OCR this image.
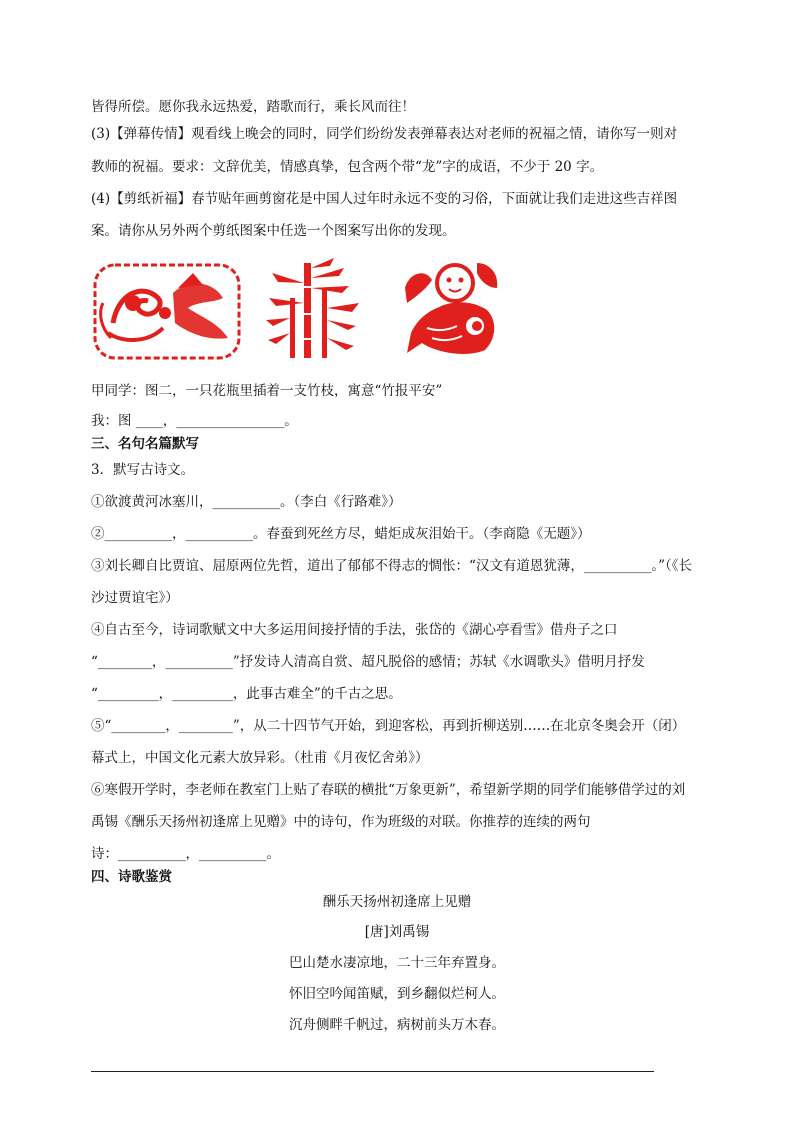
皆得所偿。愿你我永远热爱，踏歌而行，乘长风而往！
(3)【弹幕传情】观看线上晚会的同时，同学们纷纷发表弹幕表达对老师的祝福之情，请你写一则对
教师的祝福。要求：文辞优美，情感真挚，包含两个带“龙”字的成语，不少于 20 字。
(4)【剪纸祈福】春节贴年画剪窗花是中国人过年时永远不变的习俗，下面就让我们走进这些吉祥图
案。请你从另外两个剪纸图案中任选一个图案写出你的发现。
甲同学：图二，一只花瓶里插着一支竹枝，寓意“竹报平安”
我：图 ____，________________。
三、名句名篇默写
3．默写古诗文。
①欲渡黄河冰塞川，__________。（李白《行路难》）
②__________，__________。春蚕到死丝方尽，蜡炬成灰泪始干。（李商隐《无题》）
③刘长卿自比贾谊、屈原两位先哲，道出了郁郁不得志的惆怅：“汉文有道恩犹薄，__________。”（《长
沙过贾谊宅》）
④自古至今，诗词歌赋文中大多运用间接抒情的手法，张岱的《湖心亭看雪》借舟子之口
“________，__________”抒发诗人清高自赏、超凡脱俗的感情；苏轼《水调歌头》借明月抒发
“_________，_________，此事古难全”的千古之思。
⑤“________，________”，从二十四节气开始，到迎客松，再到折柳送别……在北京冬奥会开（闭）
幕式上，中国文化元素大放异彩。（杜甫《月夜忆舍弟》）
⑥寒假开学时，李老师在教室门上贴了春联的横批“万象更新”，希望新学期的同学们能够借学过的刘
禹锡《酬乐天扬州初逢席上见赠》中的诗句，作为班级的对联。你推荐的连续的两句
诗：__________，__________。
四、诗歌鉴赏
酬乐天扬州初逢席上见赠
[唐]刘禹锡
巴山楚水凄凉地，二十三年弃置身。
怀旧空吟闻笛赋，到乡翻似烂柯人。
沉舟侧畔千帆过，病树前头万木春。
